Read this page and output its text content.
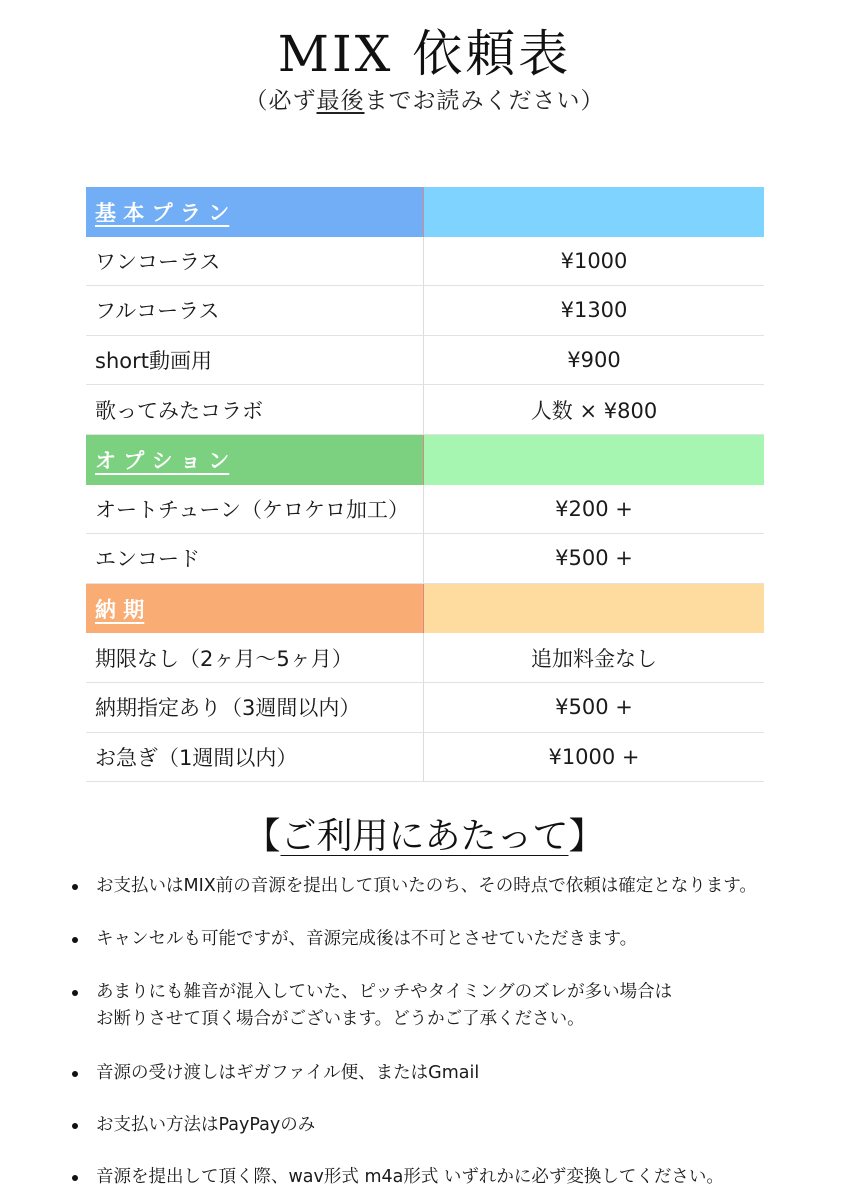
MIX 依頼表
（必ず最後までお読みください）
基 本 プ ラ ン
ワンコーラス	¥1000
フルコーラス	¥1300
short動画用	¥900
歌ってみたコラボ	人数 × ¥800
オ プ シ ョ ン
オートチューン（ケロケロ加工）	¥200 +
エンコード	¥500 +
納 期
期限なし（2ヶ月〜5ヶ月）	追加料金なし
納期指定あり（3週間以内）	¥500 +
お急ぎ（1週間以内）	¥1000 +
【ご利用にあたって】
お支払いはMIX前の音源を提出して頂いたのち、その時点で依頼は確定となります。
キャンセルも可能ですが、音源完成後は不可とさせていただきます。
あまりにも雑音が混入していた、ピッチやタイミングのズレが多い場合は
お断りさせて頂く場合がございます。どうかご了承ください。
音源の受け渡しはギガファイル便、またはGmail
お支払い方法はPayPayのみ
音源を提出して頂く際、wav形式 m4a形式 いずれかに必ず変換してください。
